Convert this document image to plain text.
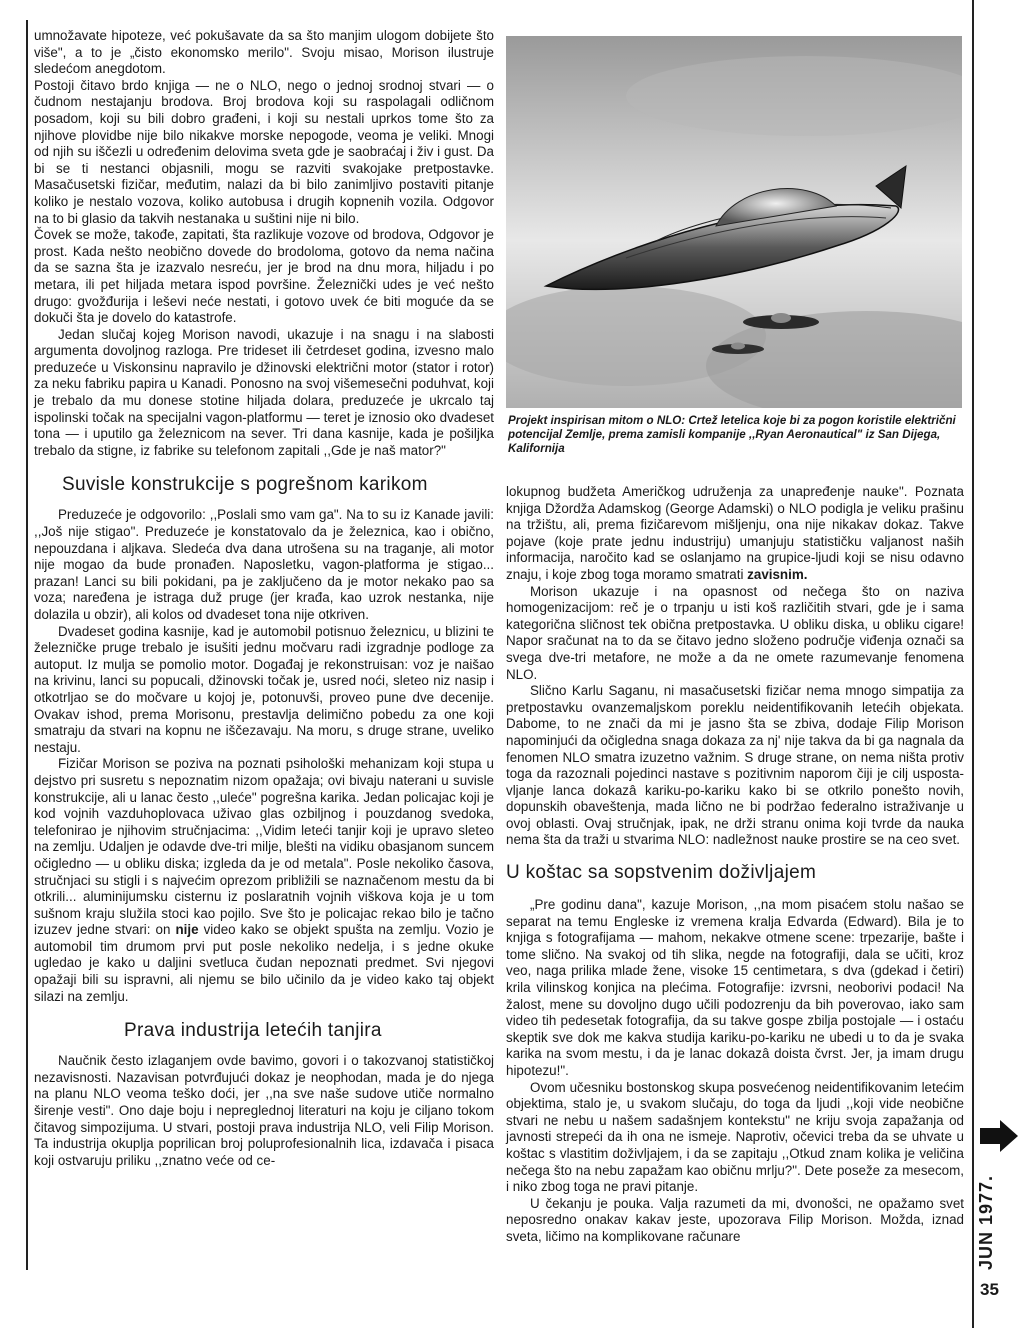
umnožavate hipoteze, već pokušavate da sa što manjim ulogom dobijete što više", a to je „čisto ekonomsko merilo". Svoju misao, Morison ilustruje sledećom anegdotom.

Postoji čitavo brdo knjiga — ne o NLO, nego o jednoj srodnoj stvari — o čudnom nestajanju brodova. Broj brodova koji su raspolagali odličnom posadom, koji su bili dobro građeni, i koji su nestali uprkos tome što za njihove plovidbe nije bilo nikakve morske nepogode, veoma je veliki. Mnogi od njih su iščezli u određenim delovima sveta gde je saobraćaj i živ i gust. Da bi se ti nestanci objasnili, mogu se razviti svakojake pretpostavke. Masačusetski fizičar, međutim, nalazi da bi bilo zanimljivo postaviti pitanje koliko je nestalo vozova, koliko autobusa i drugih kopnenih vozila. Odgovor na to bi glasio da takvih nestanaka u suštini nije ni bilo.

Čovek se može, takođe, zapitati, šta razlikuje vozove od brodova, Odgovor je prost. Kada nešto neobično dovede do brodoloma, gotovo da nema načina da se sazna šta je izazvalo nesreću, jer je brod na dnu mora, hiljadu i po metara, ili pet hiljada metara ispod površine. Železnički udes je već nešto drugo: gvožđurija i leševi neće nestati, i gotovo uvek će biti moguće da se dokuči šta je dovelo do katastrofe.

Jedan slučaj kojeg Morison navodi, ukazuje i na snagu i na slabosti argumenta dovoljnog razloga. Pre trideset ili četrdeset godina, izvesno malo preduzeće u Viskonsinu napravilo je džinovski električni motor (stator i rotor) za neku fabriku papira u Kanadi. Ponosno na svoj višemesečni poduhvat, koji je trebalo da mu donese stotine hiljada dolara, preduzeće je ukrcalo taj ispolinski točak na specijalni vagon-platformu — teret je iznosio oko dvadeset tona — i uputilo ga železnicom na sever. Tri dana kasnije, kada je pošiljka trebalo da stigne, iz fabrike su telefonom zapitali ,,Gde je naš mator?"

Suvisle konstrukcije s pogrešnom karikom

Preduzeće je odgovorilo: ,,Poslali smo vam ga". Na to su iz Kanade javili: ,,Još nije stigao". Preduzeće je konstatovalo da je železnica, kao i obično, nepouzdana i aljkava. Sledeća dva dana utrošena su na traganje, ali motor nije mogao da bude pronađen. Naposletku, vagon-platforma je stigao... prazan! Lanci su bili pokidani, pa je zaključeno da je motor nekako pao sa voza; naređena je istraga duž pruge (jer krađa, kao uzrok nestanka, nije dolazila u obzir), ali kolos od dvadeset tona nije otkriven.

Dvadeset godina kasnije, kad je automobil potisnuo železnicu, u blizini te železničke pruge trebalo je isušiti jednu močvaru radi izgradnje podloge za autoput. Iz mulja se pomolio motor. Događaj je rekonstruisan: voz je naišao na krivinu, lanci su popucali, džinovski točak je, usred noći, sleteo niz nasip i otkotrljao se do močvare u kojoj je, potonuvši, proveo pune dve decenije. Ovakav ishod, prema Morisonu, prestavlja delimično pobedu za one koji smatraju da stvari na kopnu ne iščezavaju. Na moru, s druge strane, uveliko nestaju.

Fizičar Morison se poziva na poznati psihološki mehanizam koji stupa u dejstvo pri susretu s nepoznatim nizom opažaja; ovi bivaju naterani u suvisle konstrukcije, ali u lanac često ,,uleće" pogrešna karika. Jedan policajac koji je kod vojnih vazduhoplovaca uživao glas ozbiljnog i pouzdanog svedoka, telefonirao je njihovim stručnjacima: ,,Vidim leteći tanjir koji je upravo sleteo na zemlju. Udaljen je odavde dve-tri milje, blešti na vidiku obasjanom suncem očigledno — u obliku diska; izgleda da je od metala". Posle nekoliko časova, stručnjaci su stigli i s najvećim oprezom približili se naznačenom mestu da bi otkrili... aluminijumsku cisternu iz poslaratnih vojnih viškova koja je u tom sušnom kraju služila stoci kao pojilo. Sve što je policajac rekao bilo je tačno izuzev jedne stvari: on nije video kako se objekt spušta na zemlju. Vozio je automobil tim drumom prvi put posle nekoliko nedelja, i s jedne okuke ugledao je kako u daljini svetluca čudan nepoznati predmet. Svi njegovi opažaji bili su ispravni, ali njemu se bilo učinilo da je video kako taj objekt silazi na zemlju.

Prava industrija letećih tanjira

Naučnik često izlaganjem ovde bavimo, govori i o takozvanoj statističkoj nezavisnosti. Nazavisan potvrđujući dokaz je neophodan, mada je do njega na planu NLO veoma teško doći, jer ,,na sve naše sudove utiče normalno širenje vesti". Ono daje boju i nepreglednoj literaturi na koju je ciljano tokom čitavog simpozijuma. U stvari, postoji prava industrija NLO, veli Filip Morison. Ta industrija okuplja poprilican broj poluprofesionalnih lica, izdavača i pisaca koji ostvaruju priliku ,,znatno veće od ce-

Projekt inspirisan mitom o NLO: Crtež letelica koje bi za pogon koristile električni potencijal Zemlje, prema zamisli kompanije ,,Ryan Aeronautical" iz San Dijega, Kalifornija

lokupnog budžeta Američkog udruženja za unapređenje nauke". Poznata knjiga Džordža Adamskog (George Adamski) o NLO podigla je veliku prašinu na tržištu, ali, prema fizičarevom mišljenju, ona nije nikakav dokaz. Takve pojave (koje prate jednu industriju) umanjuju statističku valjanost naših informacija, naročito kad se oslanjamo na grupice-ljudi koji se nisu odavno znaju, i koje zbog toga moramo smatrati zavisnim.

Morison ukazuje i na opasnost od nečega što on naziva homogenizacijom: reč je o trpanju u isti koš različitih stvari, gde je i sama kategorična sličnost tek obična pretpostavka. U obliku diska, u obliku cigare! Napor sračunat na to da se čitavo jedno složeno područje viđenja označi sa svega dve-tri metafore, ne može a da ne omete razumevanje fenomena NLO.

Slično Karlu Saganu, ni masačusetski fizičar nema mnogo simpatija za pretpostavku ovanzemaljskom poreklu neidentifikovanih letećih objekata. Dabome, to ne znači da mi je jasno šta se zbiva, dodaje Filip Morison napominjući da očigledna snaga dokaza za nj' nije takva da bi ga nagnala da fenomen NLO smatra izuzetno važnim. S druge strane, on nema ništa protiv toga da razoznali pojedinci nastave s pozitivnim naporom čiji je cilj uspostavljanje lanca dokazâ kariku-po-kariku kako bi se otkrilo ponešto novih, dopunskih obaveštenja, mada lično ne bi podržao federalno istraživanje u ovoj oblasti. Ovaj stručnjak, ipak, ne drži stranu onima koji tvrde da nauka nema šta da traži u stvarima NLO: nadležnost nauke prostire se na ceo svet.

U koštac sa sopstvenim doživljajem

„Pre godinu dana", kazuje Morison, ,,na mom pisaćem stolu našao se separat na temu Engleske iz vremena kralja Edvarda (Edward). Bila je to knjiga s fotografijama — mahom, nekakve otmene scene: trpezarije, bašte i tome slično. Na svakoj od tih slika, negde na fotografiji, dala se učiti, kroz veo, naga prilika mlade žene, visoke 15 centimetara, s dva (gdekad i četiri) krila vilinskog konjica na plećima. Fotografije: izvrsni, neoborivi podaci! Na žalost, mene su dovoljno dugo učili podozrenju da bih poverovao, iako sam video tih pedesetak fotografija, da su takve gospe zbilja postojale — i ostaću skeptik sve dok me kakva studija kariku-po-kariku ne ubedi u to da je svaka karika na svom mestu, i da je lanac dokazâ doista čvrst. Jer, ja imam drugu hipotezu!".

Ovom učesniku bostonskog skupa posvećenog neidentifikovanim letećim objektima, stalo je, u svakom slučaju, do toga da ljudi ,,koji vide neobične stvari ne nebu u našem sadašnjem kontekstu" ne kriju svoja zapažanja od javnosti strepeći da ih ona ne ismeje. Naprotiv, očevici treba da se uhvate u koštac s vlastitim doživljajem, i da se zapitaju ,,Otkud znam kolika je veličina nečega što na nebu zapažam kao običnu mrlju?". Dete poseže za mesecom, i niko zbog toga ne pravi pitanje.

U čekanju je pouka. Valja razumeti da mi, dvonošci, ne opažamo svet neposredno onakav kakav jeste, upozorava Filip Morison. Možda, iznad sveta, ličimo na komplikovane računare	JUN 1977.
35
